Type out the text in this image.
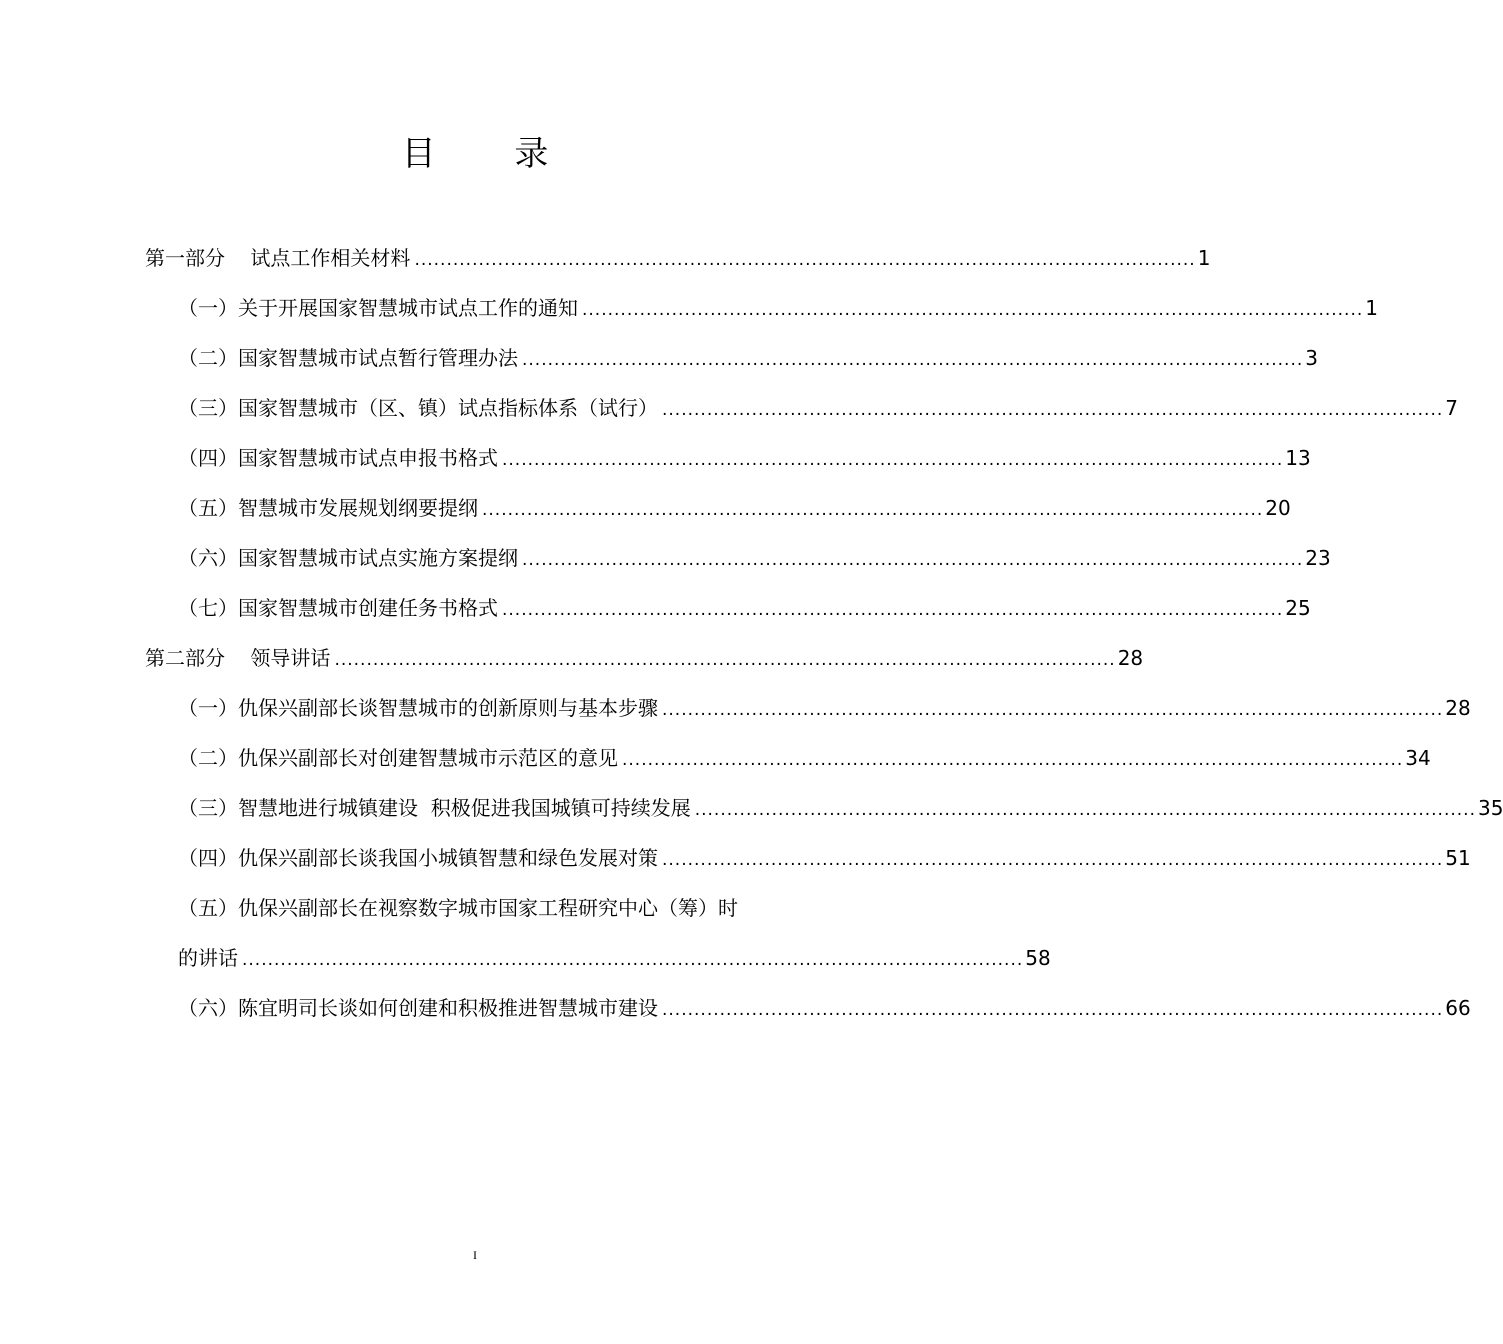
目 录
第一部分    试点工作相关材料 .......................................................................................................................... 1
（一）关于开展国家智慧城市试点工作的通知 .......................................................................................................................... 1
（二）国家智慧城市试点暂行管理办法 .......................................................................................................................... 3
（三）国家智慧城市（区、镇）试点指标体系（试行） .......................................................................................................................... 7
（四）国家智慧城市试点申报书格式 .......................................................................................................................... 13
（五）智慧城市发展规划纲要提纲 .......................................................................................................................... 20
（六）国家智慧城市试点实施方案提纲 .......................................................................................................................... 23
（七）国家智慧城市创建任务书格式 .......................................................................................................................... 25
第二部分    领导讲话 .......................................................................................................................... 28
（一）仇保兴副部长谈智慧城市的创新原则与基本步骤 .......................................................................................................................... 28
（二）仇保兴副部长对创建智慧城市示范区的意见 .......................................................................................................................... 34
（三）智慧地进行城镇建设  积极促进我国城镇可持续发展 .......................................................................................................................... 35
（四）仇保兴副部长谈我国小城镇智慧和绿色发展对策 .......................................................................................................................... 51
（五）仇保兴副部长在视察数字城市国家工程研究中心（筹）时
的讲话 .......................................................................................................................... 58
（六）陈宜明司长谈如何创建和积极推进智慧城市建设 .......................................................................................................................... 66
I
